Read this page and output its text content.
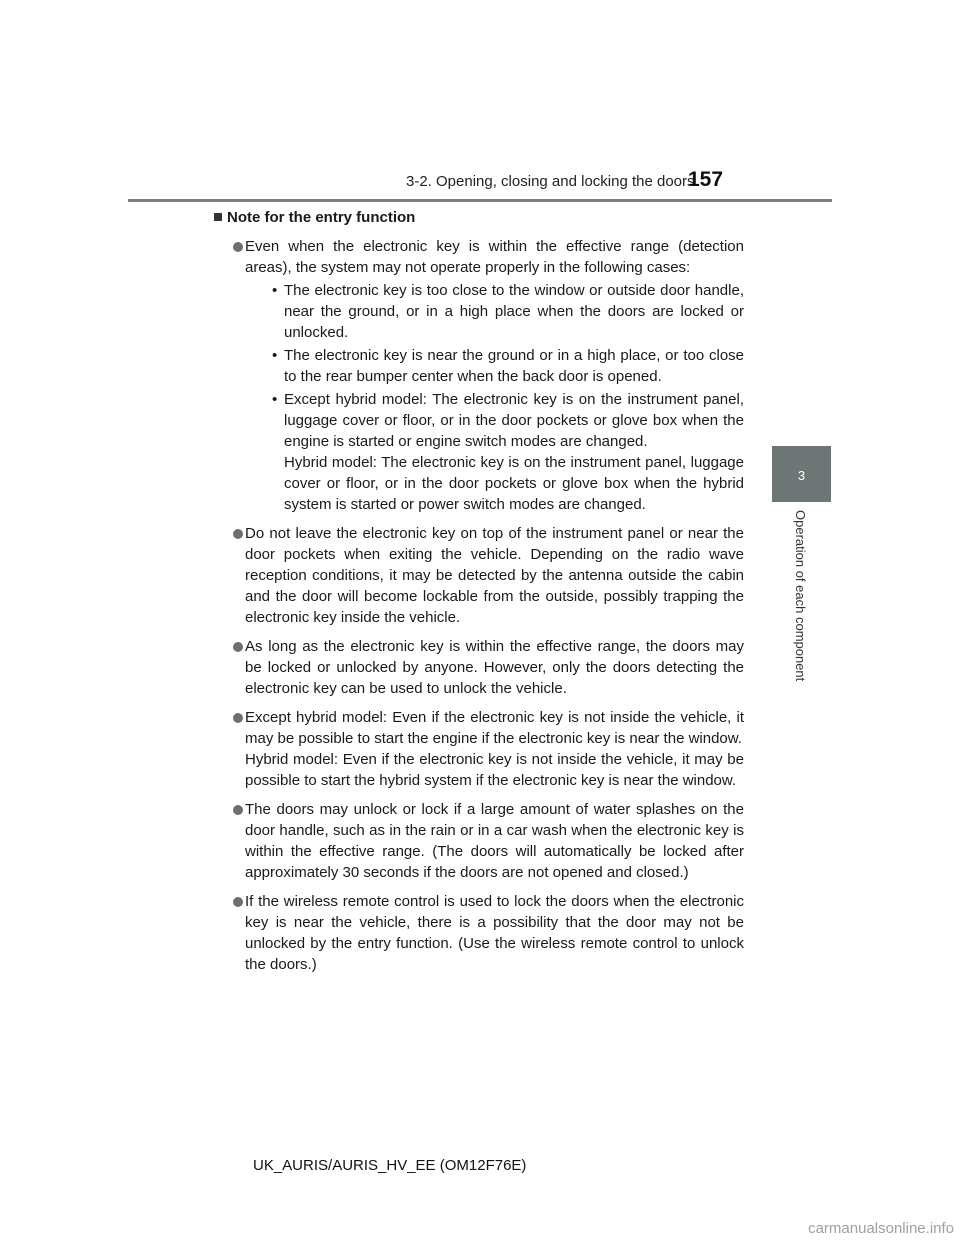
3-2. Opening, closing and locking the doors
157
3
Operation of each component
Note for the entry function
Even when the electronic key is within the effective range (detection areas), the system may not operate properly in the following cases:
• The electronic key is too close to the window or outside door handle, near the ground, or in a high place when the doors are locked or unlocked.
• The electronic key is near the ground or in a high place, or too close to the rear bumper center when the back door is opened.
• Except hybrid model: The electronic key is on the instrument panel, luggage cover or floor, or in the door pockets or glove box when the engine is started or engine switch modes are changed.
Hybrid model: The electronic key is on the instrument panel, luggage cover or floor, or in the door pockets or glove box when the hybrid system is started or power switch modes are changed.
Do not leave the electronic key on top of the instrument panel or near the door pockets when exiting the vehicle. Depending on the radio wave reception conditions, it may be detected by the antenna outside the cabin and the door will become lockable from the outside, possibly trapping the electronic key inside the vehicle.
As long as the electronic key is within the effective range, the doors may be locked or unlocked by anyone. However, only the doors detecting the electronic key can be used to unlock the vehicle.
Except hybrid model: Even if the electronic key is not inside the vehicle, it may be possible to start the engine if the electronic key is near the window.
Hybrid model: Even if the electronic key is not inside the vehicle, it may be possible to start the hybrid system if the electronic key is near the window.
The doors may unlock or lock if a large amount of water splashes on the door handle, such as in the rain or in a car wash when the electronic key is within the effective range. (The doors will automatically be locked after approximately 30 seconds if the doors are not opened and closed.)
If the wireless remote control is used to lock the doors when the electronic key is near the vehicle, there is a possibility that the door may not be unlocked by the entry function. (Use the wireless remote control to unlock the doors.)
UK_AURIS/AURIS_HV_EE (OM12F76E)
carmanualsonline.info
